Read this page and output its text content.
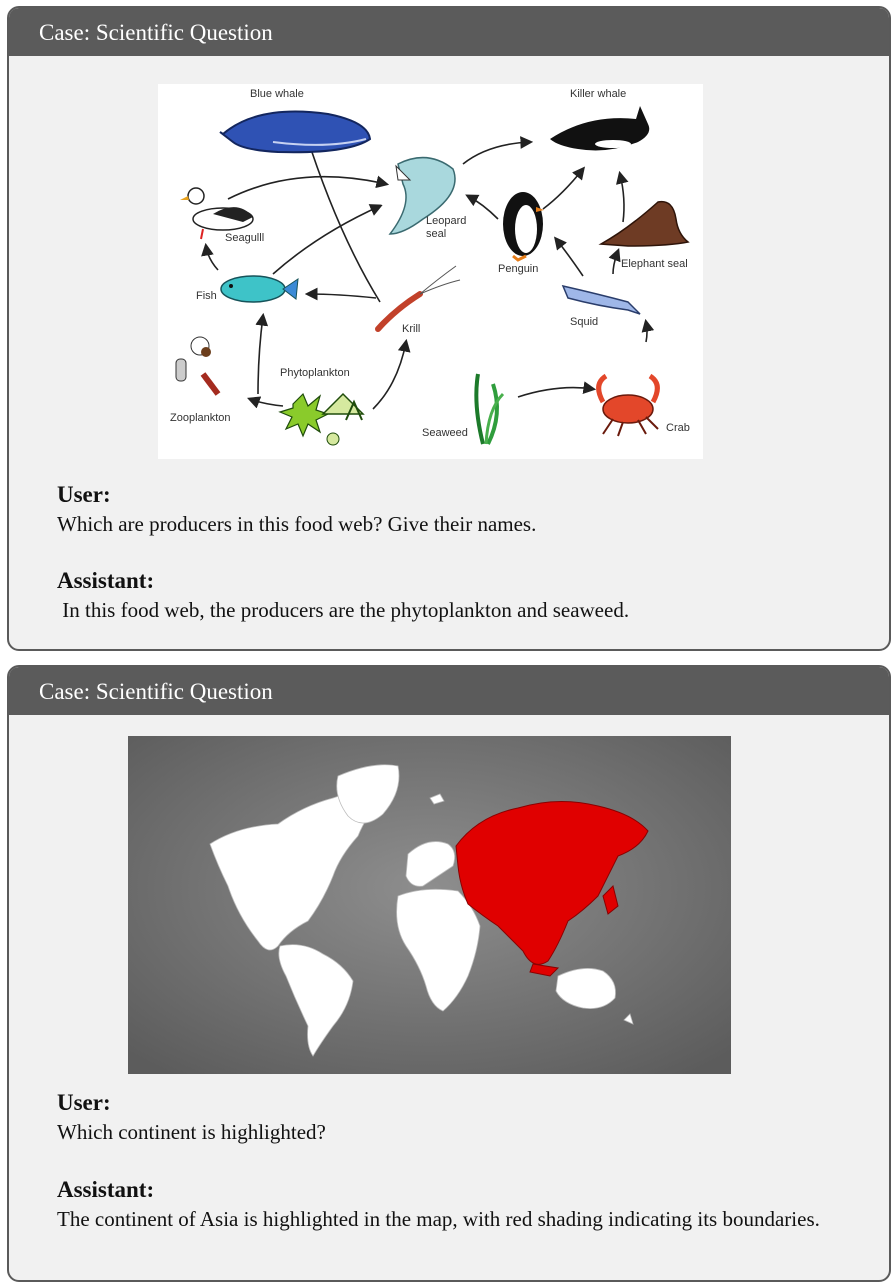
Case: Scientific Question
Blue whale	Killer whale
Seagulll
Leopard
seal
Penguin	Elephant seal
Fish
Krill
Squid
Phytoplankton
Zooplankton
Seaweed	Crab
User:
Which are producers in this food web? Give their names.
Assistant:
In this food web, the producers are the phytoplankton and seaweed.
Case: Scientific Question
User:
Which continent is highlighted?
Assistant:
The continent of Asia is highlighted in the map, with red shading indicating its boundaries.
